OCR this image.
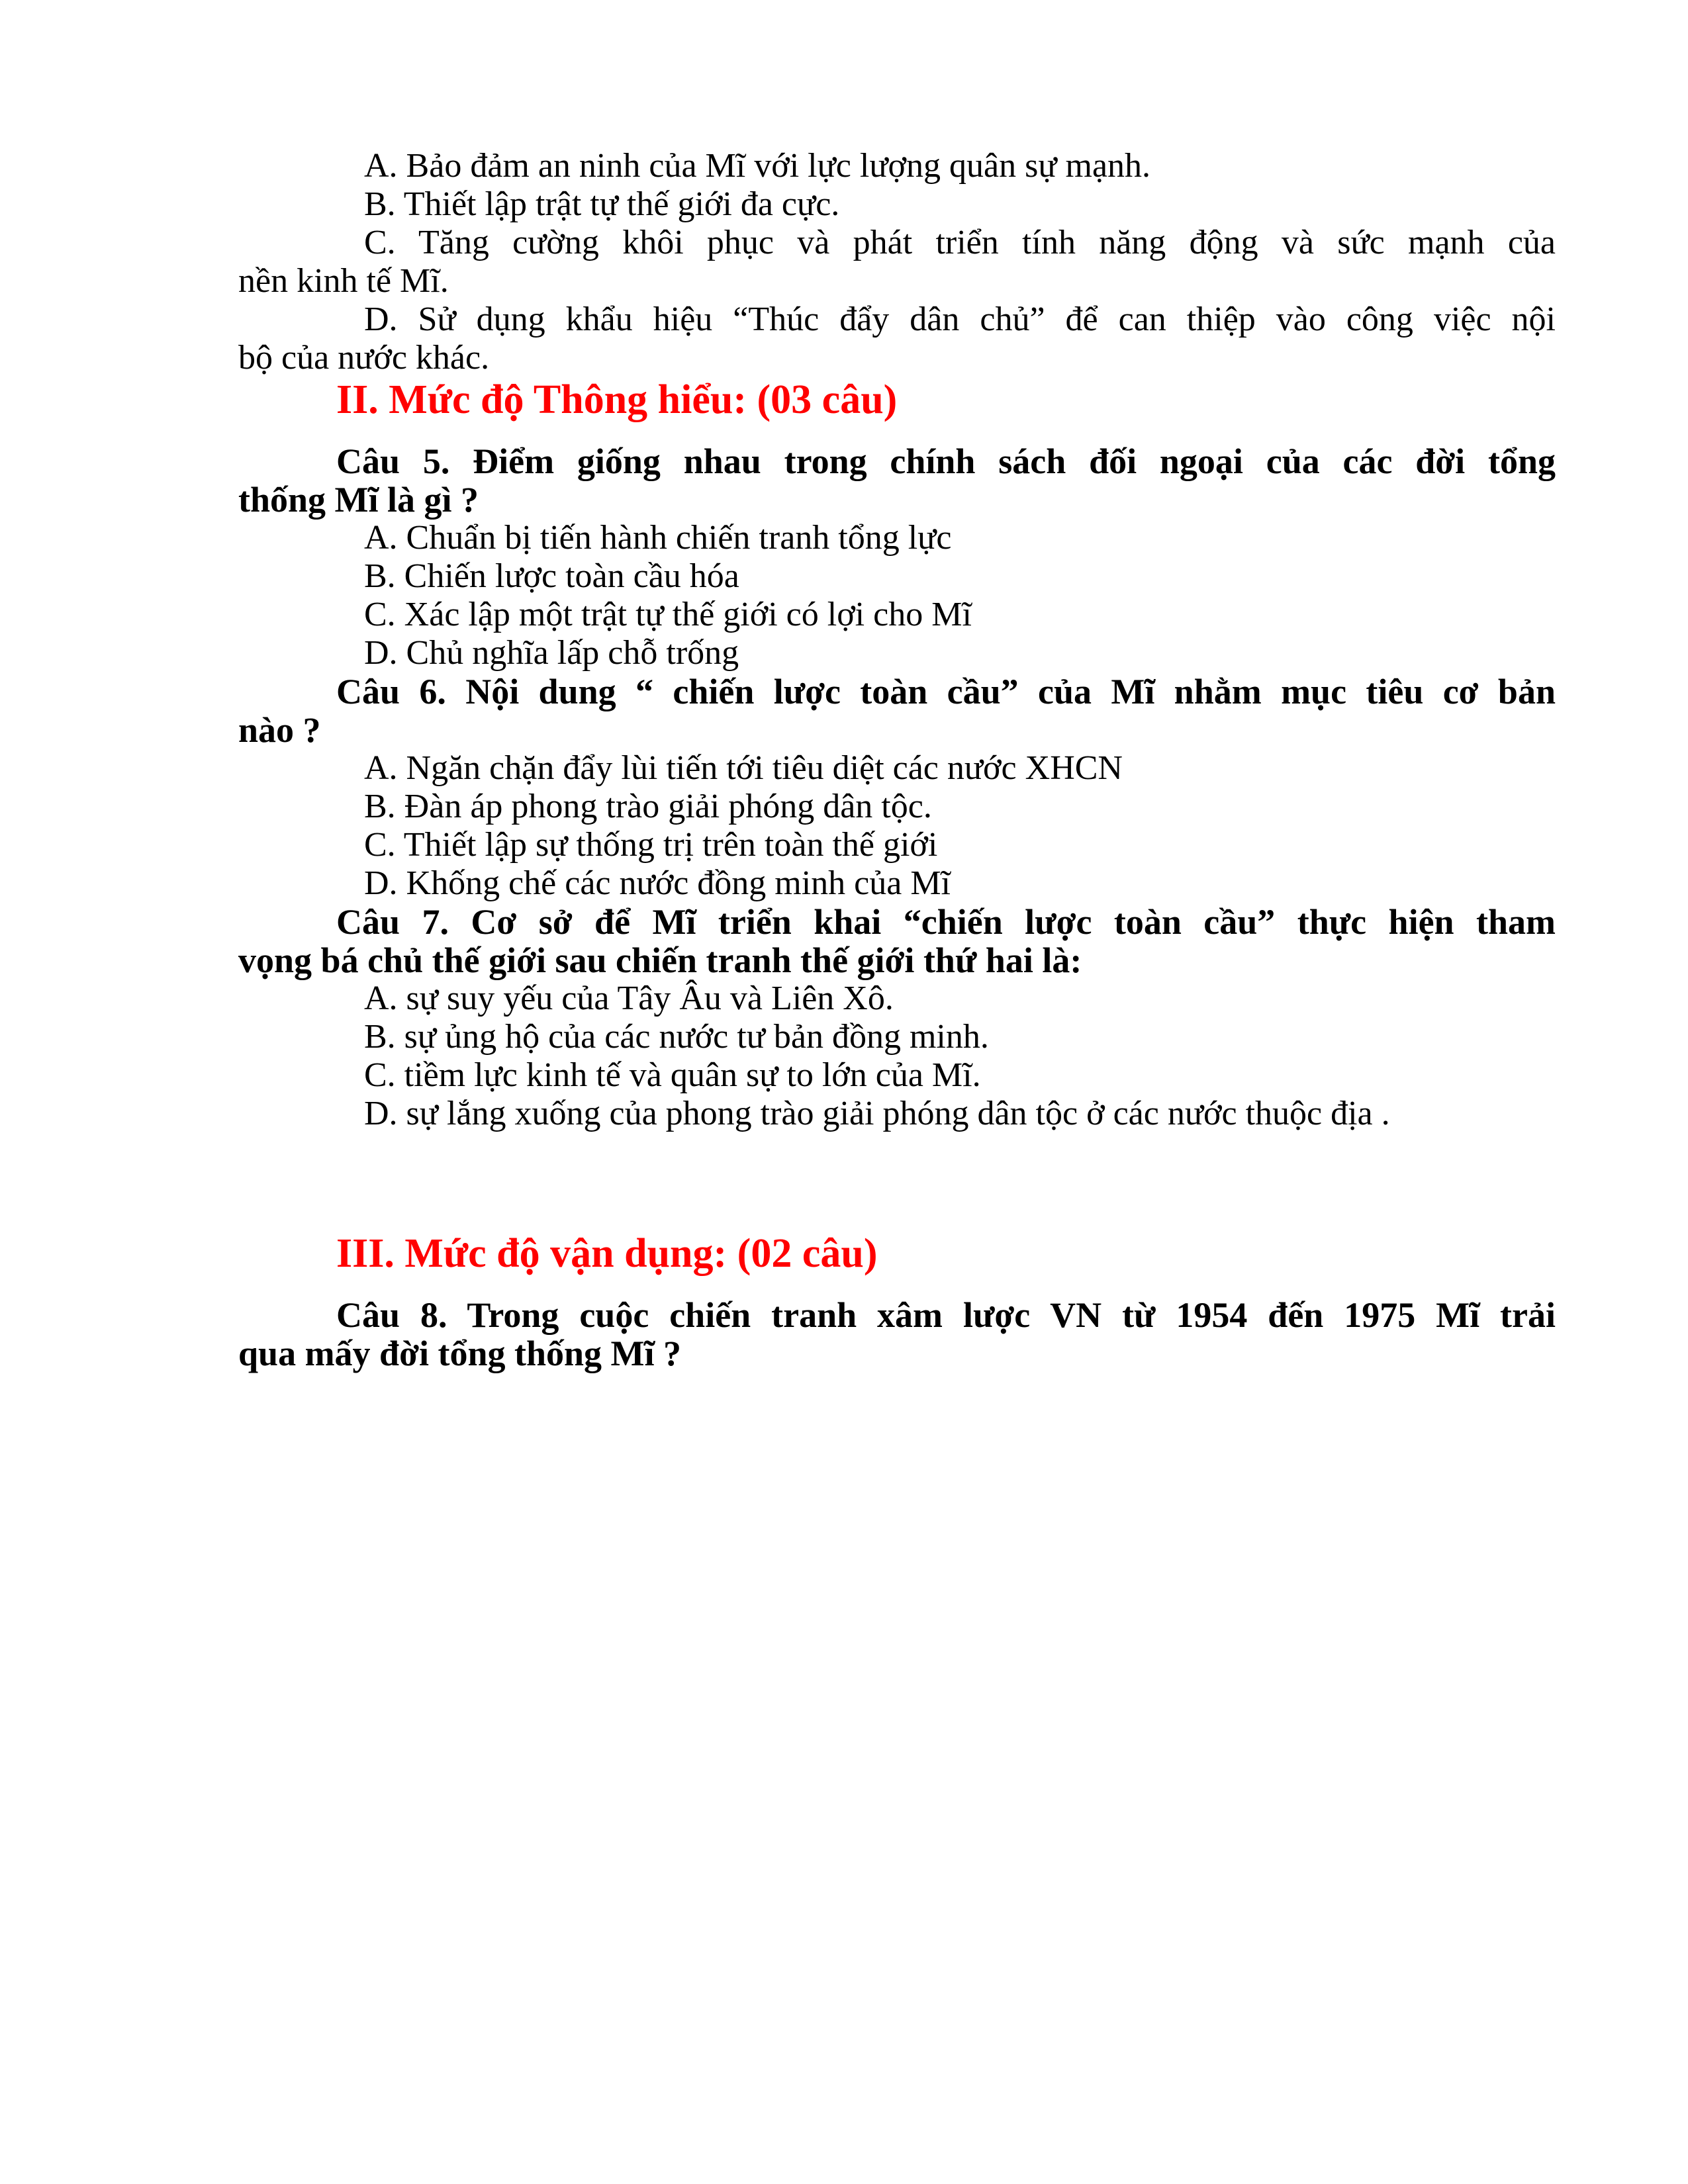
A. Bảo đảm an ninh của Mĩ với lực lượng quân sự mạnh.

B. Thiết lập trật tự thế giới đa cực.

C. Tăng cường khôi phục và phát triển tính năng động và sức mạnh của
nền kinh tế Mĩ.

D. Sử dụng khẩu hiệu “Thúc đẩy dân chủ” để can thiệp vào công việc nội
bộ của nước khác.

II. Mức độ Thông hiểu: (03 câu)

Câu 5. Điểm giống nhau trong chính sách đối ngoại của các đời tổng
thống Mĩ là gì ?

A. Chuẩn bị tiến hành chiến tranh tổng lực

B. Chiến lược toàn cầu hóa

C. Xác lập một trật tự thế giới có lợi cho Mĩ

D. Chủ nghĩa lấp chỗ trống

Câu 6. Nội dung “ chiến lược toàn cầu” của Mĩ nhằm mục tiêu cơ bản
nào ?

A. Ngăn chặn đẩy lùi tiến tới tiêu diệt các nước XHCN

B. Đàn áp phong trào giải phóng dân tộc.

C. Thiết lập sự thống trị trên toàn thế giới

D. Khống chế các nước đồng minh của Mĩ

Câu 7. Cơ sở để Mĩ triển khai “chiến lược toàn cầu” thực hiện tham
vọng bá chủ thế giới sau chiến tranh thế giới thứ hai là:

A. sự suy yếu của Tây Âu và Liên Xô.

B. sự ủng hộ của các nước tư bản đồng minh.

C. tiềm lực kinh tế và quân sự to lớn của Mĩ.

D. sự lắng xuống của phong trào giải phóng dân tộc ở các nước thuộc địa .

III. Mức độ vận dụng: (02 câu)

Câu 8. Trong cuộc chiến tranh xâm lược VN từ 1954 đến 1975 Mĩ trải
qua mấy đời tổng thống Mĩ ?
